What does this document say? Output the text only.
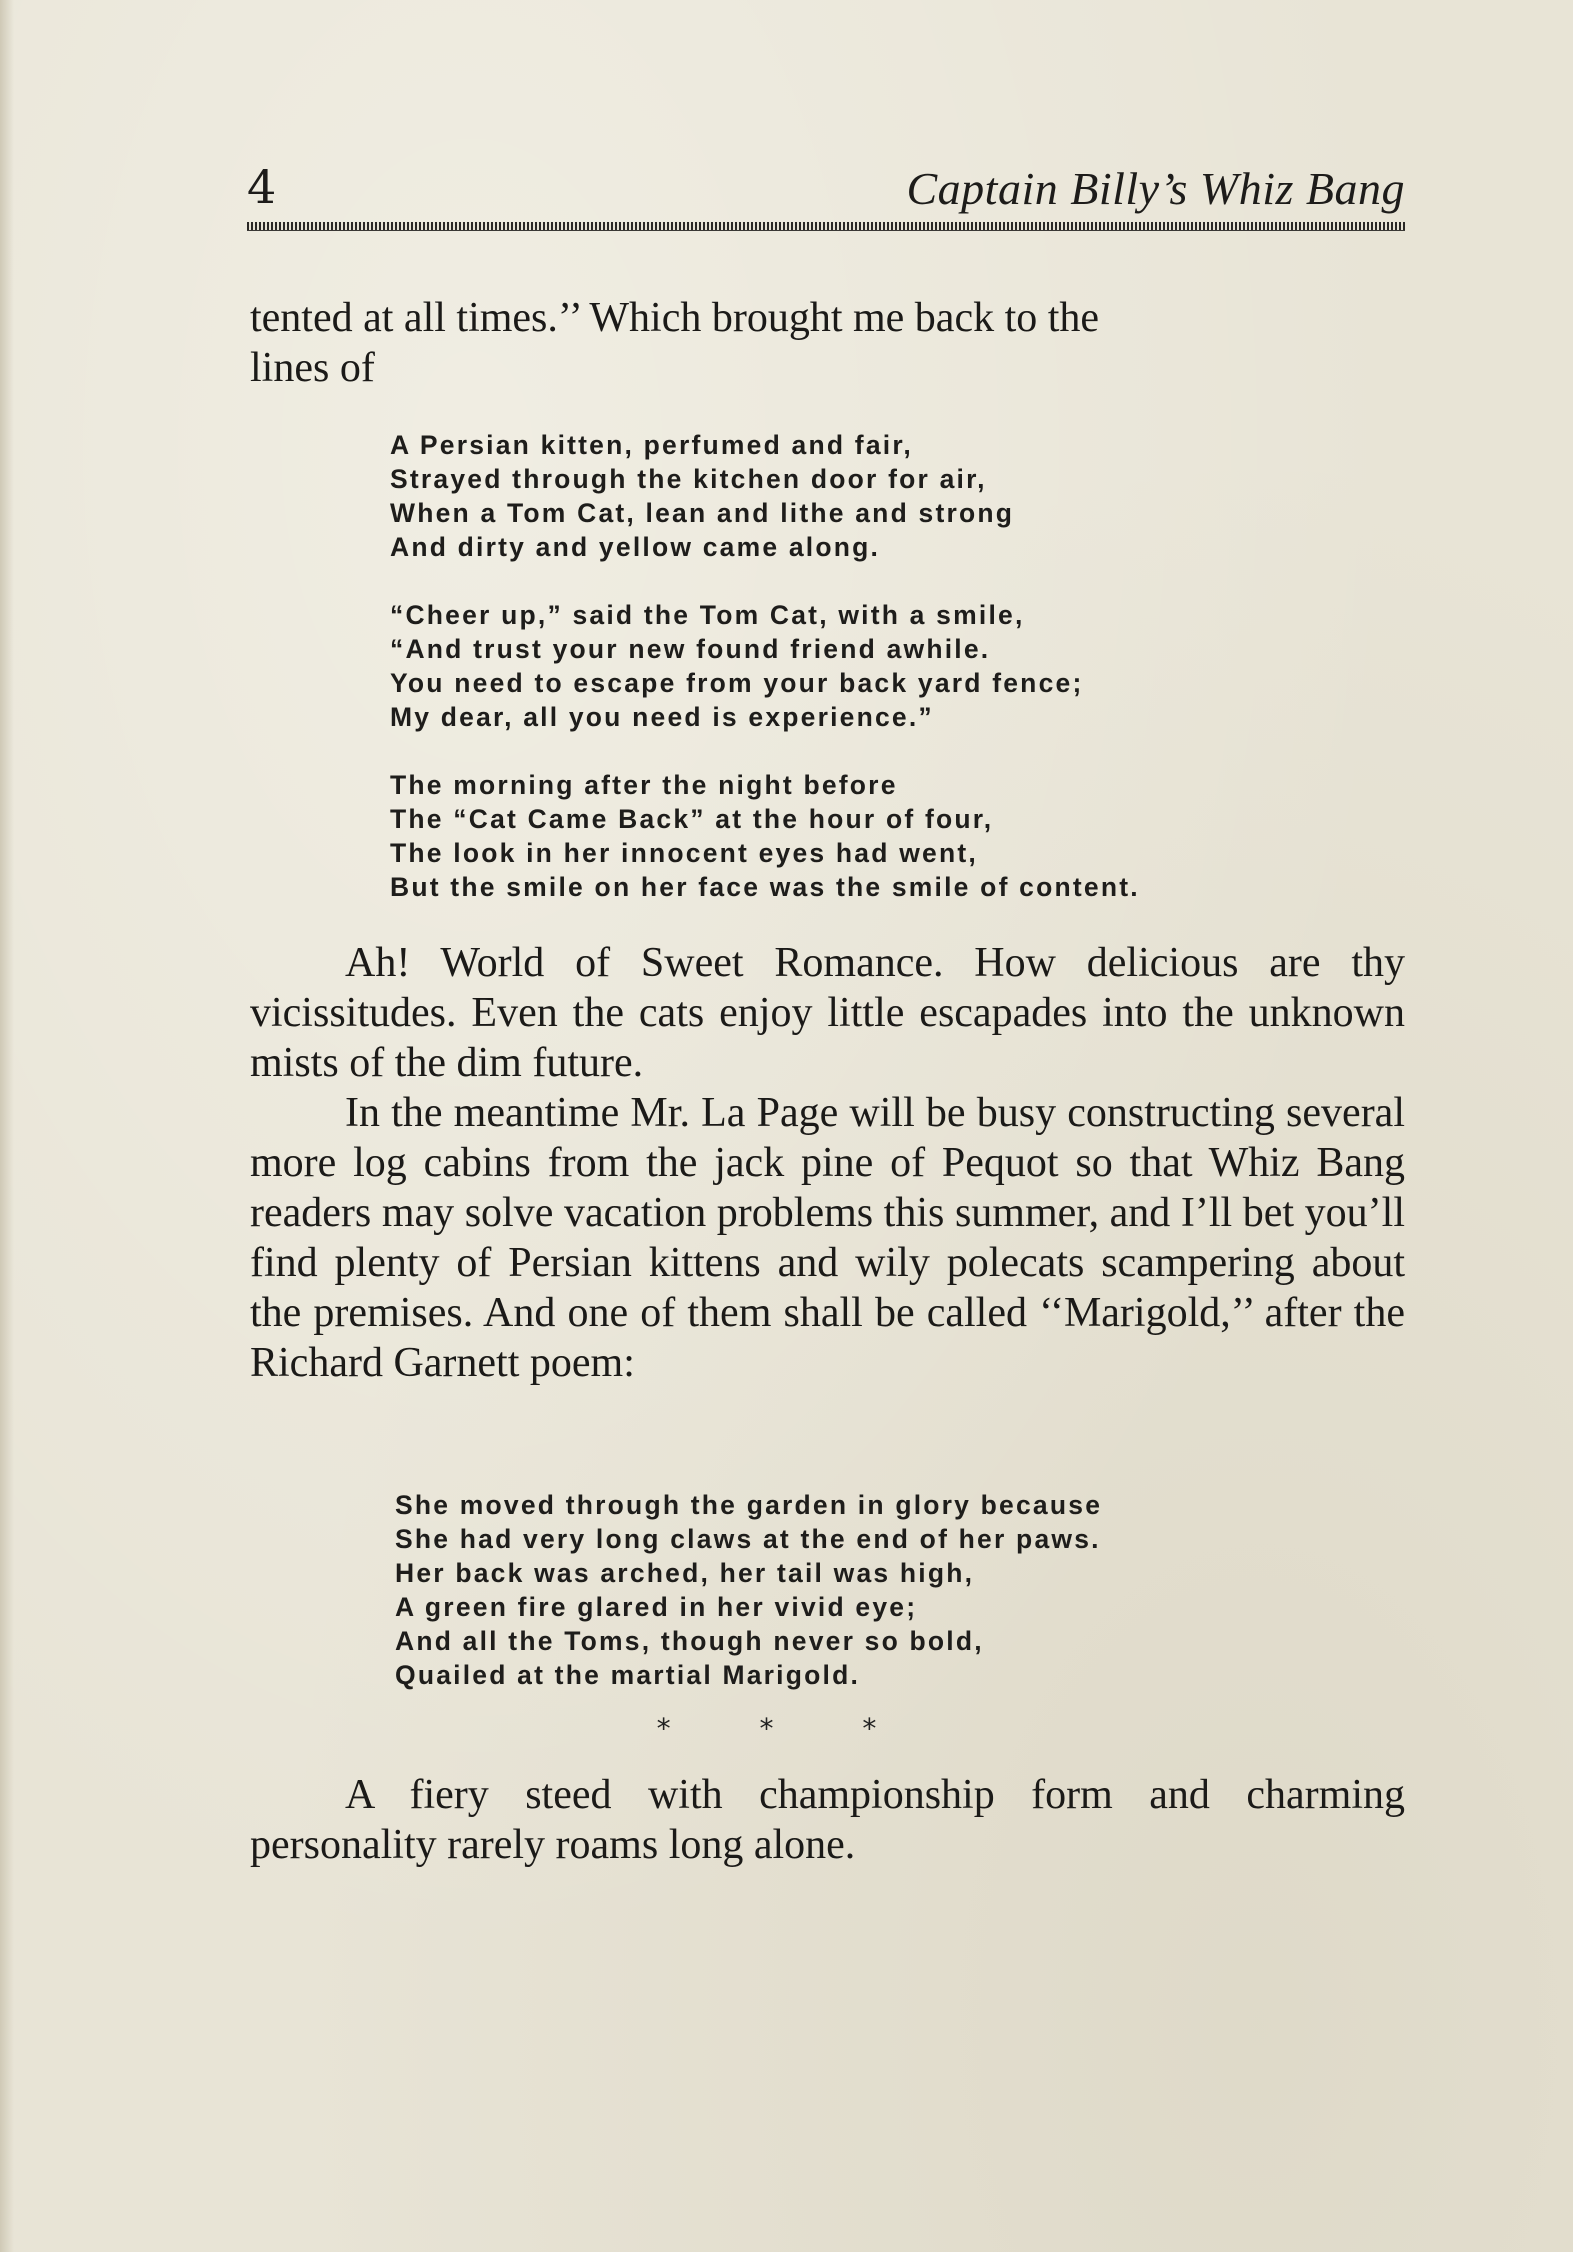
4	Captain Billy’s Whiz Bang

tented at all times.’’ Which brought me back to the

lines of

A Persian kitten, perfumed and fair,
Strayed through the kitchen door for air,
When a Tom Cat, lean and lithe and strong
And dirty and yellow came along.
“Cheer up,” said the Tom Cat, with a smile,
“And trust your new found friend awhile.
You need to escape from your back yard fence;
My dear, all you need is experience.”
The morning after the night before
The “Cat Came Back” at the hour of four,
The look in her innocent eyes had went,
But the smile on her face was the smile of content.

Ah! World of Sweet Romance. How delicious are thy vicissitudes. Even the cats enjoy little escapades into the unknown mists of the dim future.

In the meantime Mr. La Page will be busy constructing several more log cabins from the jack pine of Pequot so that Whiz Bang readers may solve vacation problems this summer, and I’ll bet you’ll find plenty of Persian kittens and wily polecats scampering about the premises. And one of them shall be called ‘‘Marigold,’’ after the Richard Garnett poem:

She moved through the garden in glory because
She had very long claws at the end of her paws.
Her back was arched, her tail was high,
A green fire glared in her vivid eye;
And all the Toms, though never so bold,
Quailed at the martial Marigold.
* * *

A fiery steed with championship form and charming personality rarely roams long alone.
